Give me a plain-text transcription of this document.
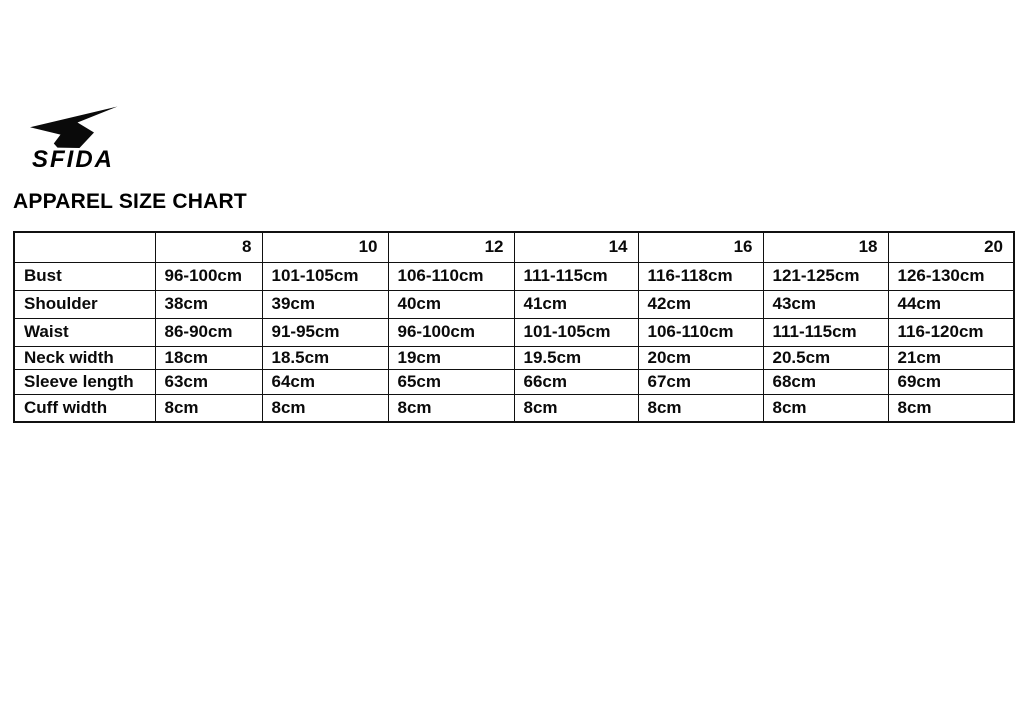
SFIDA
APPAREL SIZE CHART
	8	10	12	14	16	18	20
Bust	96-100cm	101-105cm	106-110cm	111-115cm	116-118cm	121-125cm	126-130cm
Shoulder	38cm	39cm	40cm	41cm	42cm	43cm	44cm
Waist	86-90cm	91-95cm	96-100cm	101-105cm	106-110cm	111-115cm	116-120cm
Neck width	18cm	18.5cm	19cm	19.5cm	20cm	20.5cm	21cm
Sleeve length	63cm	64cm	65cm	66cm	67cm	68cm	69cm
Cuff width	8cm	8cm	8cm	8cm	8cm	8cm	8cm
